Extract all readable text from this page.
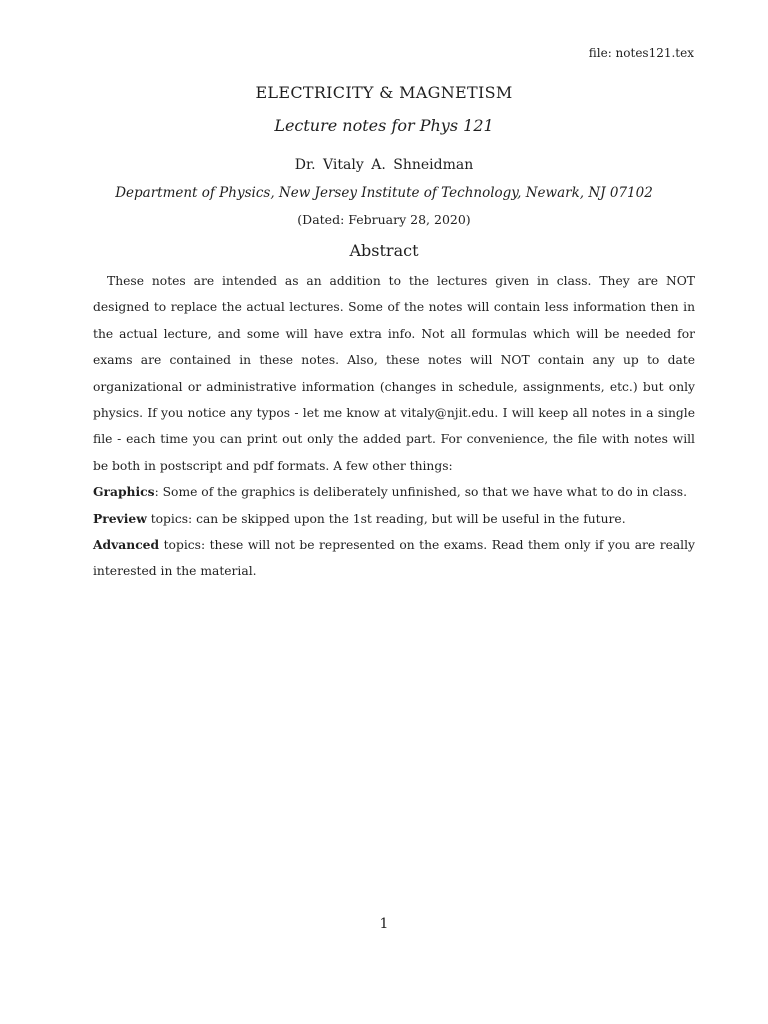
file: notes121.tex
ELECTRICITY & MAGNETISM
Lecture notes for Phys 121
Dr. Vitaly A. Shneidman
Department of Physics, New Jersey Institute of Technology, Newark, NJ 07102
(Dated: February 28, 2020)
Abstract

These notes are intended as an addition to the lectures given in class. They are NOT designed to replace the actual lectures. Some of the notes will contain less information then in the actual lecture, and some will have extra info. Not all formulas which will be needed for exams are contained in these notes. Also, these notes will NOT contain any up to date organizational or administrative information (changes in schedule, assignments, etc.) but only physics. If you notice any typos - let me know at vitaly@njit.edu. I will keep all notes in a single file - each time you can print out only the added part. For convenience, the file with notes will be both in postscript and pdf formats. A few other things:

Graphics: Some of the graphics is deliberately unfinished, so that we have what to do in class.

Preview topics: can be skipped upon the 1st reading, but will be useful in the future.

Advanced topics: these will not be represented on the exams. Read them only if you are really interested in the material.

1
